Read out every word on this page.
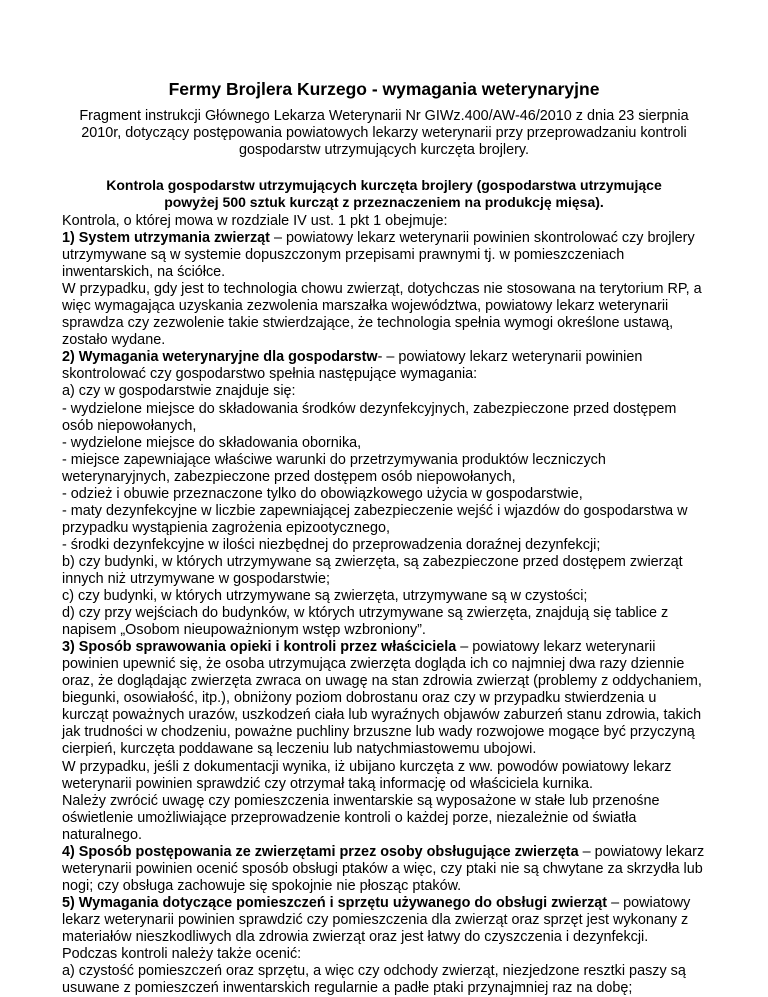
Fermy Brojlera Kurzego - wymagania weterynaryjne
Fragment instrukcji Głównego Lekarza Weterynarii Nr GIWz.400/AW-46/2010 z dnia 23 sierpnia 2010r, dotyczący postępowania powiatowych lekarzy weterynarii przy przeprowadzaniu kontroli gospodarstw utrzymujących kurczęta brojlery.
Kontrola gospodarstw utrzymujących kurczęta brojlery (gospodarstwa utrzymujące powyżej 500 sztuk kurcząt z przeznaczeniem na produkcję mięsa).

Kontrola, o której mowa w rozdziale IV ust. 1 pkt 1 obejmuje:

1) System utrzymania zwierząt – powiatowy lekarz weterynarii powinien skontrolować czy brojlery utrzymywane są w systemie dopuszczonym przepisami prawnymi tj. w pomieszczeniach inwentarskich, na ściółce.

W przypadku, gdy jest to technologia chowu zwierząt, dotychczas nie stosowana na terytorium RP, a więc wymagająca uzyskania zezwolenia marszałka województwa, powiatowy lekarz weterynarii sprawdza czy zezwolenie takie stwierdzające, że technologia spełnia wymogi określone ustawą, zostało wydane.

2) Wymagania weterynaryjne dla gospodarstw- – powiatowy lekarz weterynarii powinien skontrolować czy gospodarstwo spełnia następujące wymagania:

a) czy w gospodarstwie znajduje się:

- wydzielone miejsce do składowania środków dezynfekcyjnych, zabezpieczone przed dostępem osób niepowołanych,

- wydzielone miejsce do składowania obornika,

- miejsce zapewniające właściwe warunki do przetrzymywania produktów leczniczych weterynaryjnych, zabezpieczone przed dostępem osób niepowołanych,

- odzież i obuwie przeznaczone tylko do obowiązkowego użycia w gospodarstwie,

- maty dezynfekcyjne w liczbie zapewniającej zabezpieczenie wejść i wjazdów do gospodarstwa w przypadku wystąpienia zagrożenia epizootycznego,

- środki dezynfekcyjne w ilości niezbędnej do przeprowadzenia doraźnej dezynfekcji;

b) czy budynki, w których utrzymywane są zwierzęta, są zabezpieczone przed dostępem zwierząt innych niż utrzymywane w gospodarstwie;

c) czy budynki, w których utrzymywane są zwierzęta, utrzymywane są w czystości;

d) czy przy wejściach do budynków, w których utrzymywane są zwierzęta, znajdują się tablice z napisem „Osobom nieupoważnionym wstęp wzbroniony”.

3) Sposób sprawowania opieki i kontroli przez właściciela – powiatowy lekarz weterynarii powinien upewnić się, że osoba utrzymująca zwierzęta dogląda ich co najmniej dwa razy dziennie oraz, że doglądając zwierzęta zwraca on uwagę na stan zdrowia zwierząt (problemy z oddychaniem, biegunki, osowiałość, itp.), obniżony poziom dobrostanu oraz czy w przypadku stwierdzenia u kurcząt poważnych urazów, uszkodzeń ciała lub wyraźnych objawów zaburzeń stanu zdrowia, takich jak trudności w chodzeniu, poważne puchliny brzuszne lub wady rozwojowe mogące być przyczyną cierpień, kurczęta poddawane są leczeniu lub natychmiastowemu ubojowi.

W przypadku, jeśli z dokumentacji wynika, iż ubijano kurczęta z ww. powodów powiatowy lekarz weterynarii powinien sprawdzić czy otrzymał taką informację od właściciela kurnika.

Należy zwrócić uwagę czy pomieszczenia inwentarskie są wyposażone w stałe lub przenośne oświetlenie umożliwiające przeprowadzenie kontroli o każdej porze, niezależnie od światła naturalnego.

4) Sposób postępowania ze zwierzętami przez osoby obsługujące zwierzęta – powiatowy lekarz weterynarii powinien ocenić sposób obsługi ptaków a więc, czy ptaki nie są chwytane za skrzydła lub nogi; czy obsługa zachowuje się spokojnie nie płosząc ptaków.

5) Wymagania dotyczące pomieszczeń i sprzętu używanego do obsługi zwierząt – powiatowy lekarz weterynarii powinien sprawdzić czy pomieszczenia dla zwierząt oraz sprzęt jest wykonany z materiałów nieszkodliwych dla zdrowia zwierząt oraz jest łatwy do czyszczenia i dezynfekcji. Podczas kontroli należy także ocenić:

a) czystość pomieszczeń oraz sprzętu, a więc czy odchody zwierząt, niezjedzone resztki paszy są usuwane z pomieszczeń inwentarskich regularnie a padłe ptaki przynajmniej raz na dobę;
